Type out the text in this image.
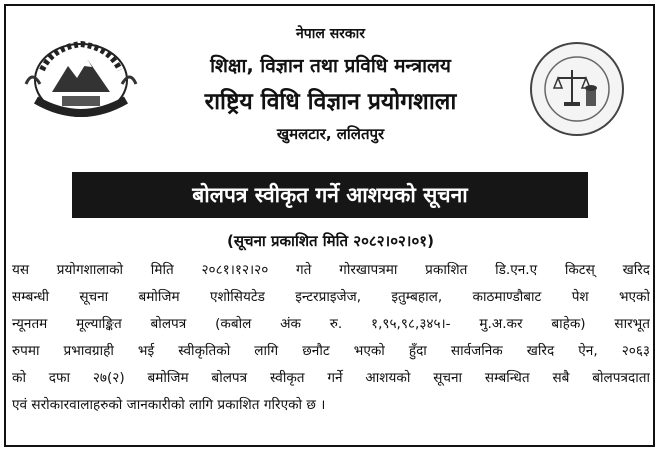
नेपाल सरकार
शिक्षा, विज्ञान तथा प्रविधि मन्त्रालय
राष्ट्रिय विधि विज्ञान प्रयोगशाला
खुमलटार, ललितपुर
बोलपत्र स्वीकृत गर्ने आशयको सूचना
(सूचना प्रकाशित मिति २०८२।०२।०१)
यस प्रयोगशालाको मिति २०८१।१२।२० गते गोरखापत्रमा प्रकाशित डि.एन.ए किटस् खरिद
सम्बन्धी सूचना बमोजिम एशोसियटेड इन्टरप्राइजेज, इतुम्बहाल, काठमाण्डौबाट पेश भएको
न्यूनतम मूल्याङ्कित बोलपत्र (कबोल अंक रु. १,९५,९८,३४५।- मु.अ.कर बाहेक) सारभूत
रुपमा प्रभावग्राही भई स्वीकृतिको लागि छनौट भएको हुँदा सार्वजनिक खरिद ऐन, २०६३
को दफा २७(२) बमोजिम बोलपत्र स्वीकृत गर्ने आशयको सूचना सम्बन्धित सबै बोलपत्रदाता
एवं सरोकारवालाहरुको जानकारीको लागि प्रकाशित गरिएको छ ।
